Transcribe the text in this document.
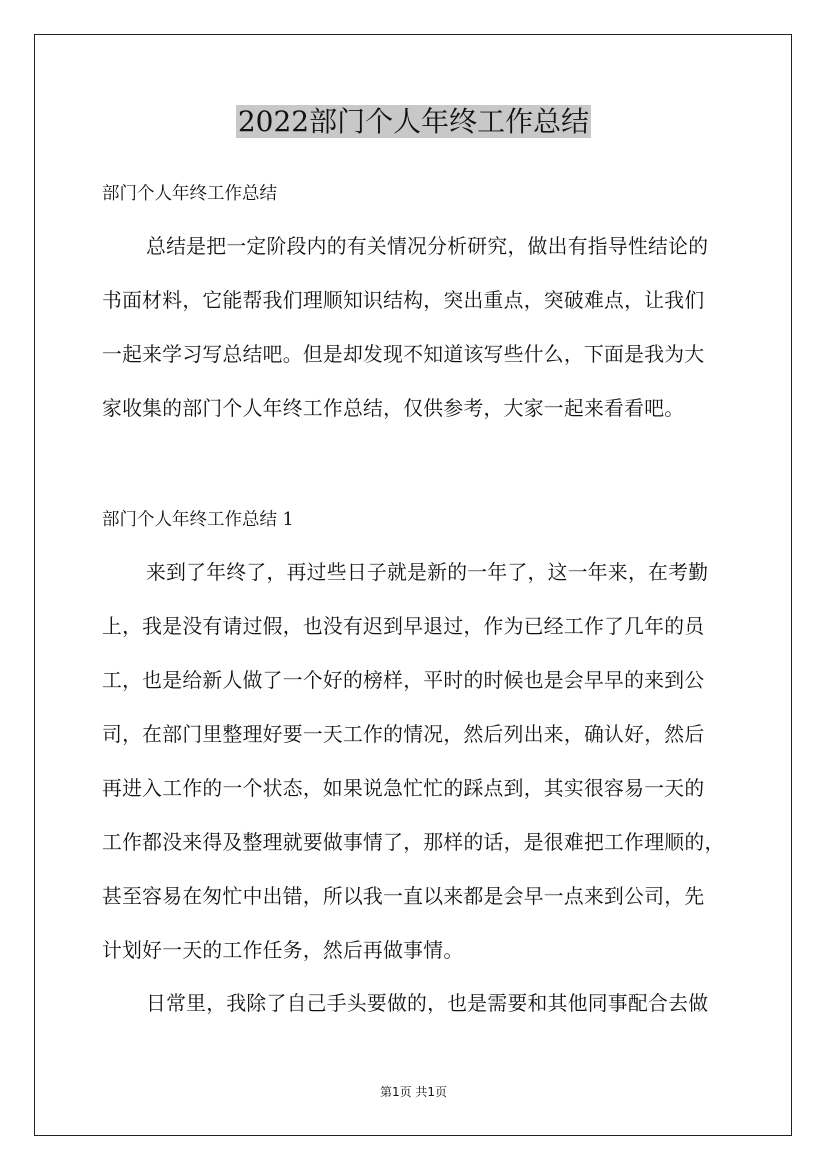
2022部门个人年终工作总结
部门个人年终工作总结
总结是把一定阶段内的有关情况分析研究，做出有指导性结论的
书面材料，它能帮我们理顺知识结构，突出重点，突破难点，让我们
一起来学习写总结吧。但是却发现不知道该写些什么，下面是我为大
家收集的部门个人年终工作总结，仅供参考，大家一起来看看吧。
部门个人年终工作总结 1
来到了年终了，再过些日子就是新的一年了，这一年来，在考勤
上，我是没有请过假，也没有迟到早退过，作为已经工作了几年的员
工，也是给新人做了一个好的榜样，平时的时候也是会早早的来到公
司，在部门里整理好要一天工作的情况，然后列出来，确认好，然后
再进入工作的一个状态，如果说急忙忙的踩点到，其实很容易一天的
工作都没来得及整理就要做事情了，那样的话，是很难把工作理顺的，
甚至容易在匆忙中出错，所以我一直以来都是会早一点来到公司，先
计划好一天的工作任务，然后再做事情。
日常里，我除了自己手头要做的，也是需要和其他同事配合去做
第1页 共1页
